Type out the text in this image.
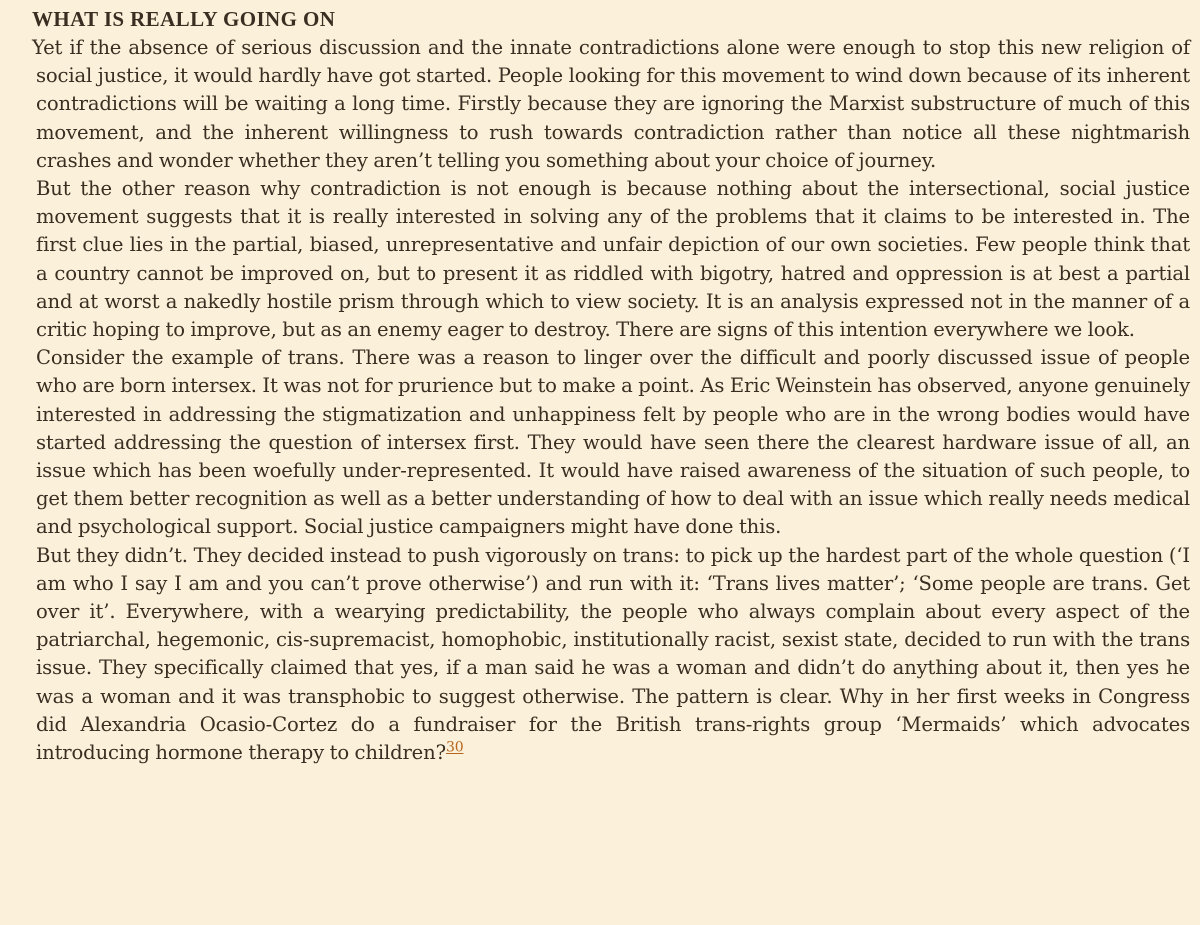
WHAT IS REALLY GOING ON

Yet if the absence of serious discussion and the innate contradictions alone were enough to stop this new religion of social justice, it would hardly have got started. People looking for this movement to wind down because of its inherent contradictions will be waiting a long time. Firstly because they are ignoring the Marxist substructure of much of this movement, and the inherent willingness to rush towards contradiction rather than notice all these nightmarish crashes and wonder whether they aren’t telling you something about your choice of journey.

But the other reason why contradiction is not enough is because nothing about the intersectional, social justice movement suggests that it is really interested in solving any of the problems that it claims to be interested in. The first clue lies in the partial, biased, unrepresentative and unfair depiction of our own societies. Few people think that a country cannot be improved on, but to present it as riddled with bigotry, hatred and oppression is at best a partial and at worst a nakedly hostile prism through which to view society. It is an analysis expressed not in the manner of a critic hoping to improve, but as an enemy eager to destroy. There are signs of this intention everywhere we look.

Consider the example of trans. There was a reason to linger over the difficult and poorly discussed issue of people who are born intersex. It was not for prurience but to make a point. As Eric Weinstein has observed, anyone genuinely interested in addressing the stigmatization and unhappiness felt by people who are in the wrong bodies would have started addressing the question of intersex first. They would have seen there the clearest hardware issue of all, an issue which has been woefully under-represented. It would have raised awareness of the situation of such people, to get them better recognition as well as a better understanding of how to deal with an issue which really needs medical and psychological support. Social justice campaigners might have done this.

But they didn’t. They decided instead to push vigorously on trans: to pick up the hardest part of the whole question (‘I am who I say I am and you can’t prove otherwise’) and run with it: ‘Trans lives matter’; ‘Some people are trans. Get over it’. Everywhere, with a wearying predictability, the people who always complain about every aspect of the patriarchal, hegemonic, cis-supremacist, homophobic, institutionally racist, sexist state, decided to run with the trans issue. They specifically claimed that yes, if a man said he was a woman and didn’t do anything about it, then yes he was a woman and it was transphobic to suggest otherwise. The pattern is clear. Why in her first weeks in Congress did Alexandria Ocasio-Cortez do a fundraiser for the British trans-rights group ‘Mermaids’ which advocates introducing hormone therapy to children?$^{30}$
